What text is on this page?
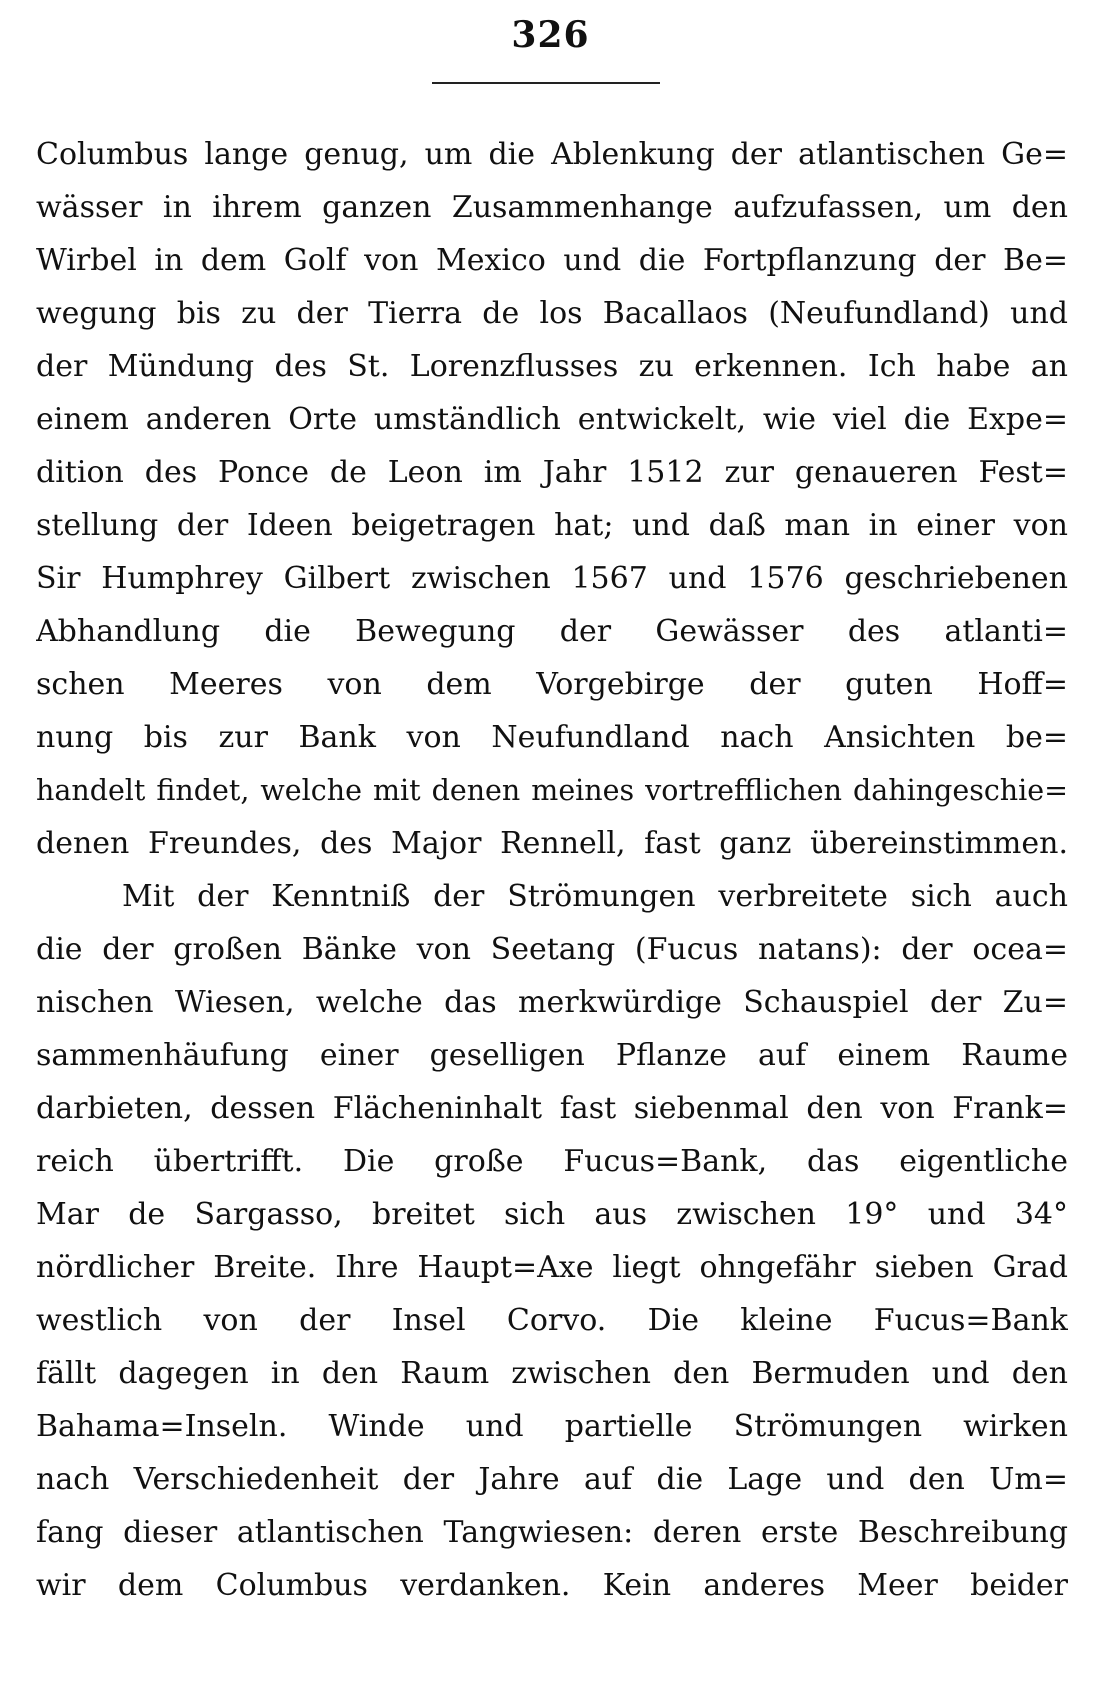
326
Columbus lange genug, um die Ablenkung der atlantischen Ge=
wässer in ihrem ganzen Zusammenhange aufzufassen, um den
Wirbel in dem Golf von Mexico und die Fortpflanzung der Be=
wegung bis zu der Tierra de los Bacallaos (Neufundland) und
der Mündung des St. Lorenzflusses zu erkennen. Ich habe an
einem anderen Orte umständlich entwickelt, wie viel die Expe=
dition des Ponce de Leon im Jahr 1512 zur genaueren Fest=
stellung der Ideen beigetragen hat; und daß man in einer von
Sir Humphrey Gilbert zwischen 1567 und 1576 geschriebenen
Abhandlung die Bewegung der Gewässer des atlanti=
schen Meeres von dem Vorgebirge der guten Hoff=
nung bis zur Bank von Neufundland nach Ansichten be=
handelt findet, welche mit denen meines vortrefflichen dahingeschie=
denen Freundes, des Major Rennell, fast ganz übereinstimmen.
Mit der Kenntniß der Strömungen verbreitete sich auch
die der großen Bänke von Seetang (Fucus natans): der ocea=
nischen Wiesen, welche das merkwürdige Schauspiel der Zu=
sammenhäufung einer geselligen Pflanze auf einem Raume
darbieten, dessen Flächeninhalt fast siebenmal den von Frank=
reich übertrifft. Die große Fucus=Bank, das eigentliche
Mar de Sargasso, breitet sich aus zwischen 19° und 34°
nördlicher Breite. Ihre Haupt=Axe liegt ohngefähr sieben Grad
westlich von der Insel Corvo. Die kleine Fucus=Bank
fällt dagegen in den Raum zwischen den Bermuden und den
Bahama=Inseln. Winde und partielle Strömungen wirken
nach Verschiedenheit der Jahre auf die Lage und den Um=
fang dieser atlantischen Tangwiesen: deren erste Beschreibung
wir dem Columbus verdanken. Kein anderes Meer beider
